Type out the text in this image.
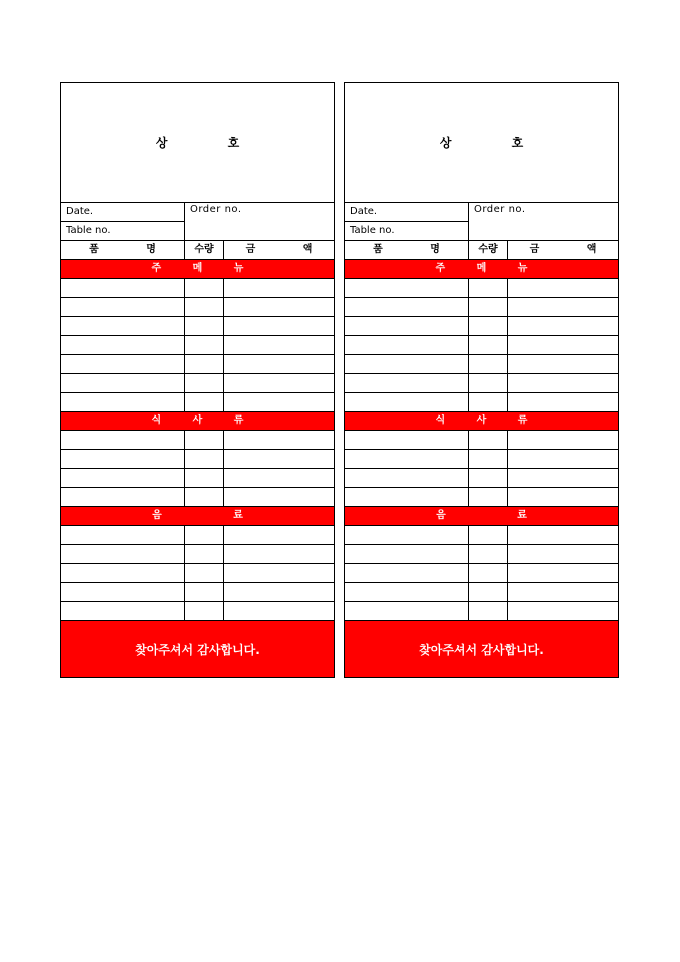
상 호
Date.
Table no.
Order no.
품 명	수량	금 액
주 메 뉴
식 사 류
음 료
찾아주셔서 감사합니다.
상 호
Date.
Table no.
Order no.
품 명	수량	금 액
주 메 뉴
식 사 류
음 료
찾아주셔서 감사합니다.
